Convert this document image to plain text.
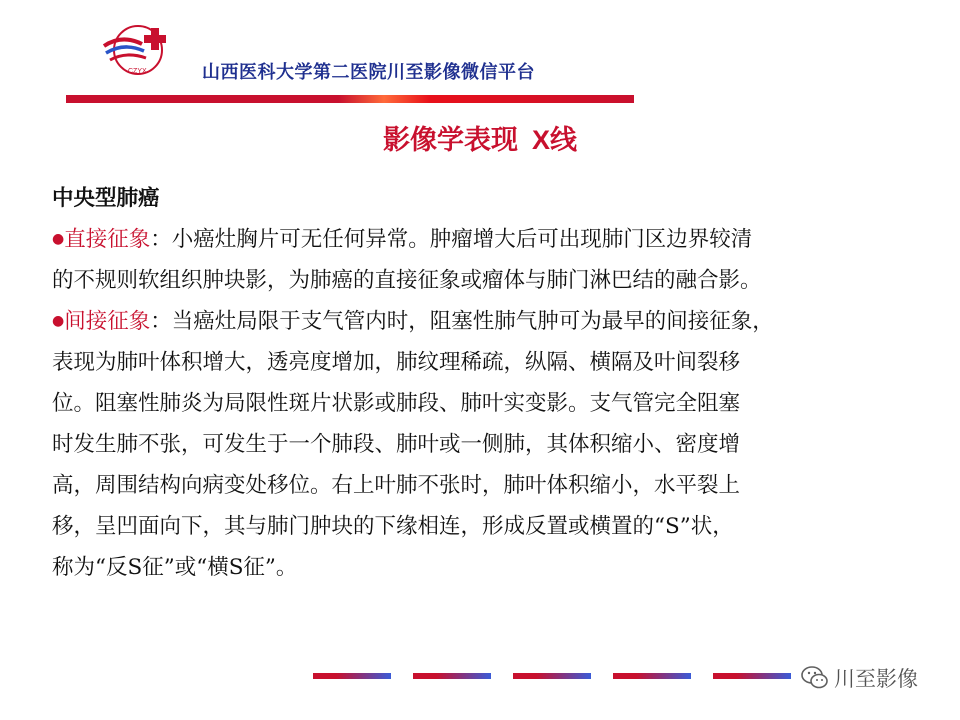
CZYX	山西医科大学第二医院川至影像微信平台
影像学表现 X线
中央型肺癌
●直接征象：小癌灶胸片可无任何异常。肿瘤增大后可出现肺门区边界较清
的不规则软组织肿块影，为肺癌的直接征象或瘤体与肺门淋巴结的融合影。
●间接征象：当癌灶局限于支气管内时，阻塞性肺气肿可为最早的间接征象，
表现为肺叶体积增大，透亮度增加，肺纹理稀疏，纵隔、横隔及叶间裂移
位。阻塞性肺炎为局限性斑片状影或肺段、肺叶实变影。支气管完全阻塞
时发生肺不张，可发生于一个肺段、肺叶或一侧肺，其体积缩小、密度增
高，周围结构向病变处移位。右上叶肺不张时，肺叶体积缩小，水平裂上
移，呈凹面向下，其与肺门肿块的下缘相连，形成反置或横置的“S”状，
称为“反S征”或“横S征”。
川至影像
